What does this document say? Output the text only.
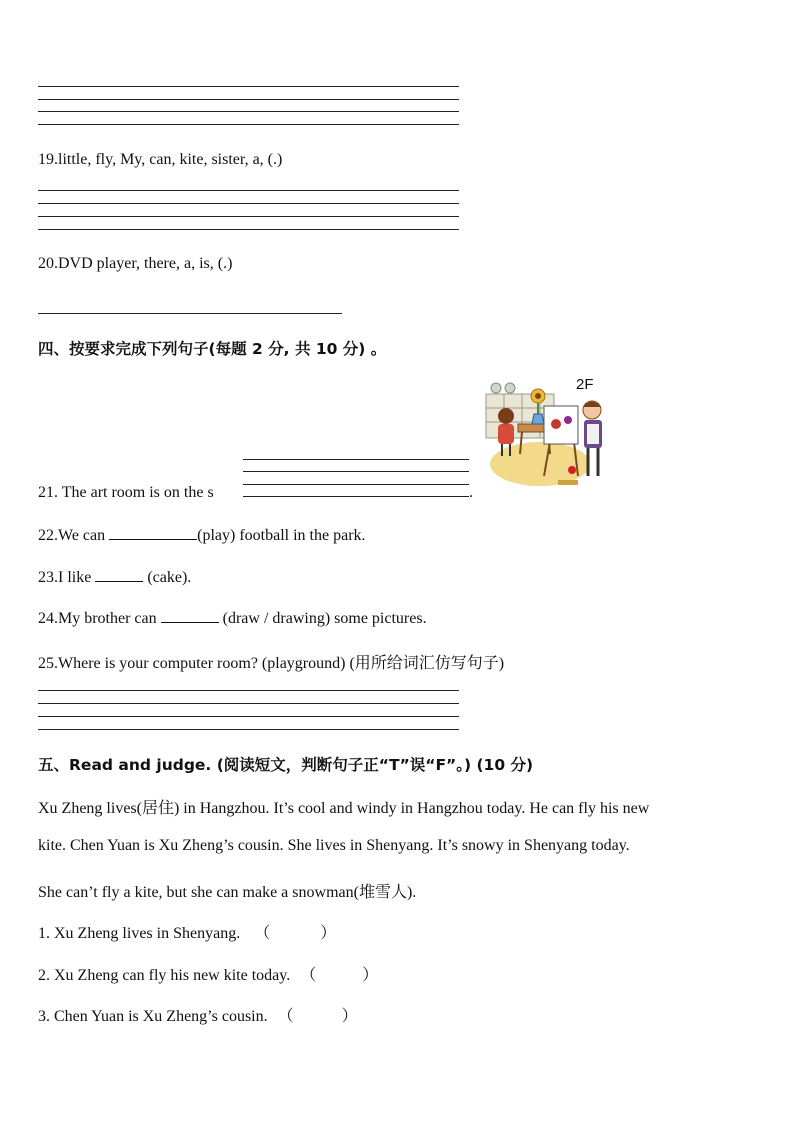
19.little, fly, My, can, kite, sister, a, (.)
20.DVD player, there, a, is, (.)
四、按要求完成下列句子(每题 2 分, 共 10 分) 。
2F
21. The art room is on the s	.
22.We can	(play) football in the park.
23.I like	(cake).
24.My brother can	(draw / drawing) some pictures.
25.Where is your computer room? (playground) (用所给词汇仿写句子)
五、Read and judge. (阅读短文，判断句子正“T”误“F”。) (10 分)
Xu Zheng lives(居住) in Hangzhou. It’s cool and windy in Hangzhou today. He can fly his new
kite. Chen Yuan is Xu Zheng’s cousin. She lives in Shenyang. It’s snowy in Shenyang today.
She can’t fly a kite, but she can make a snowman(堆雪人).
1. Xu Zheng lives in Shenyang. （	）
2. Xu Zheng can fly his new kite today. （	）
3. Chen Yuan is Xu Zheng’s cousin. （	）
